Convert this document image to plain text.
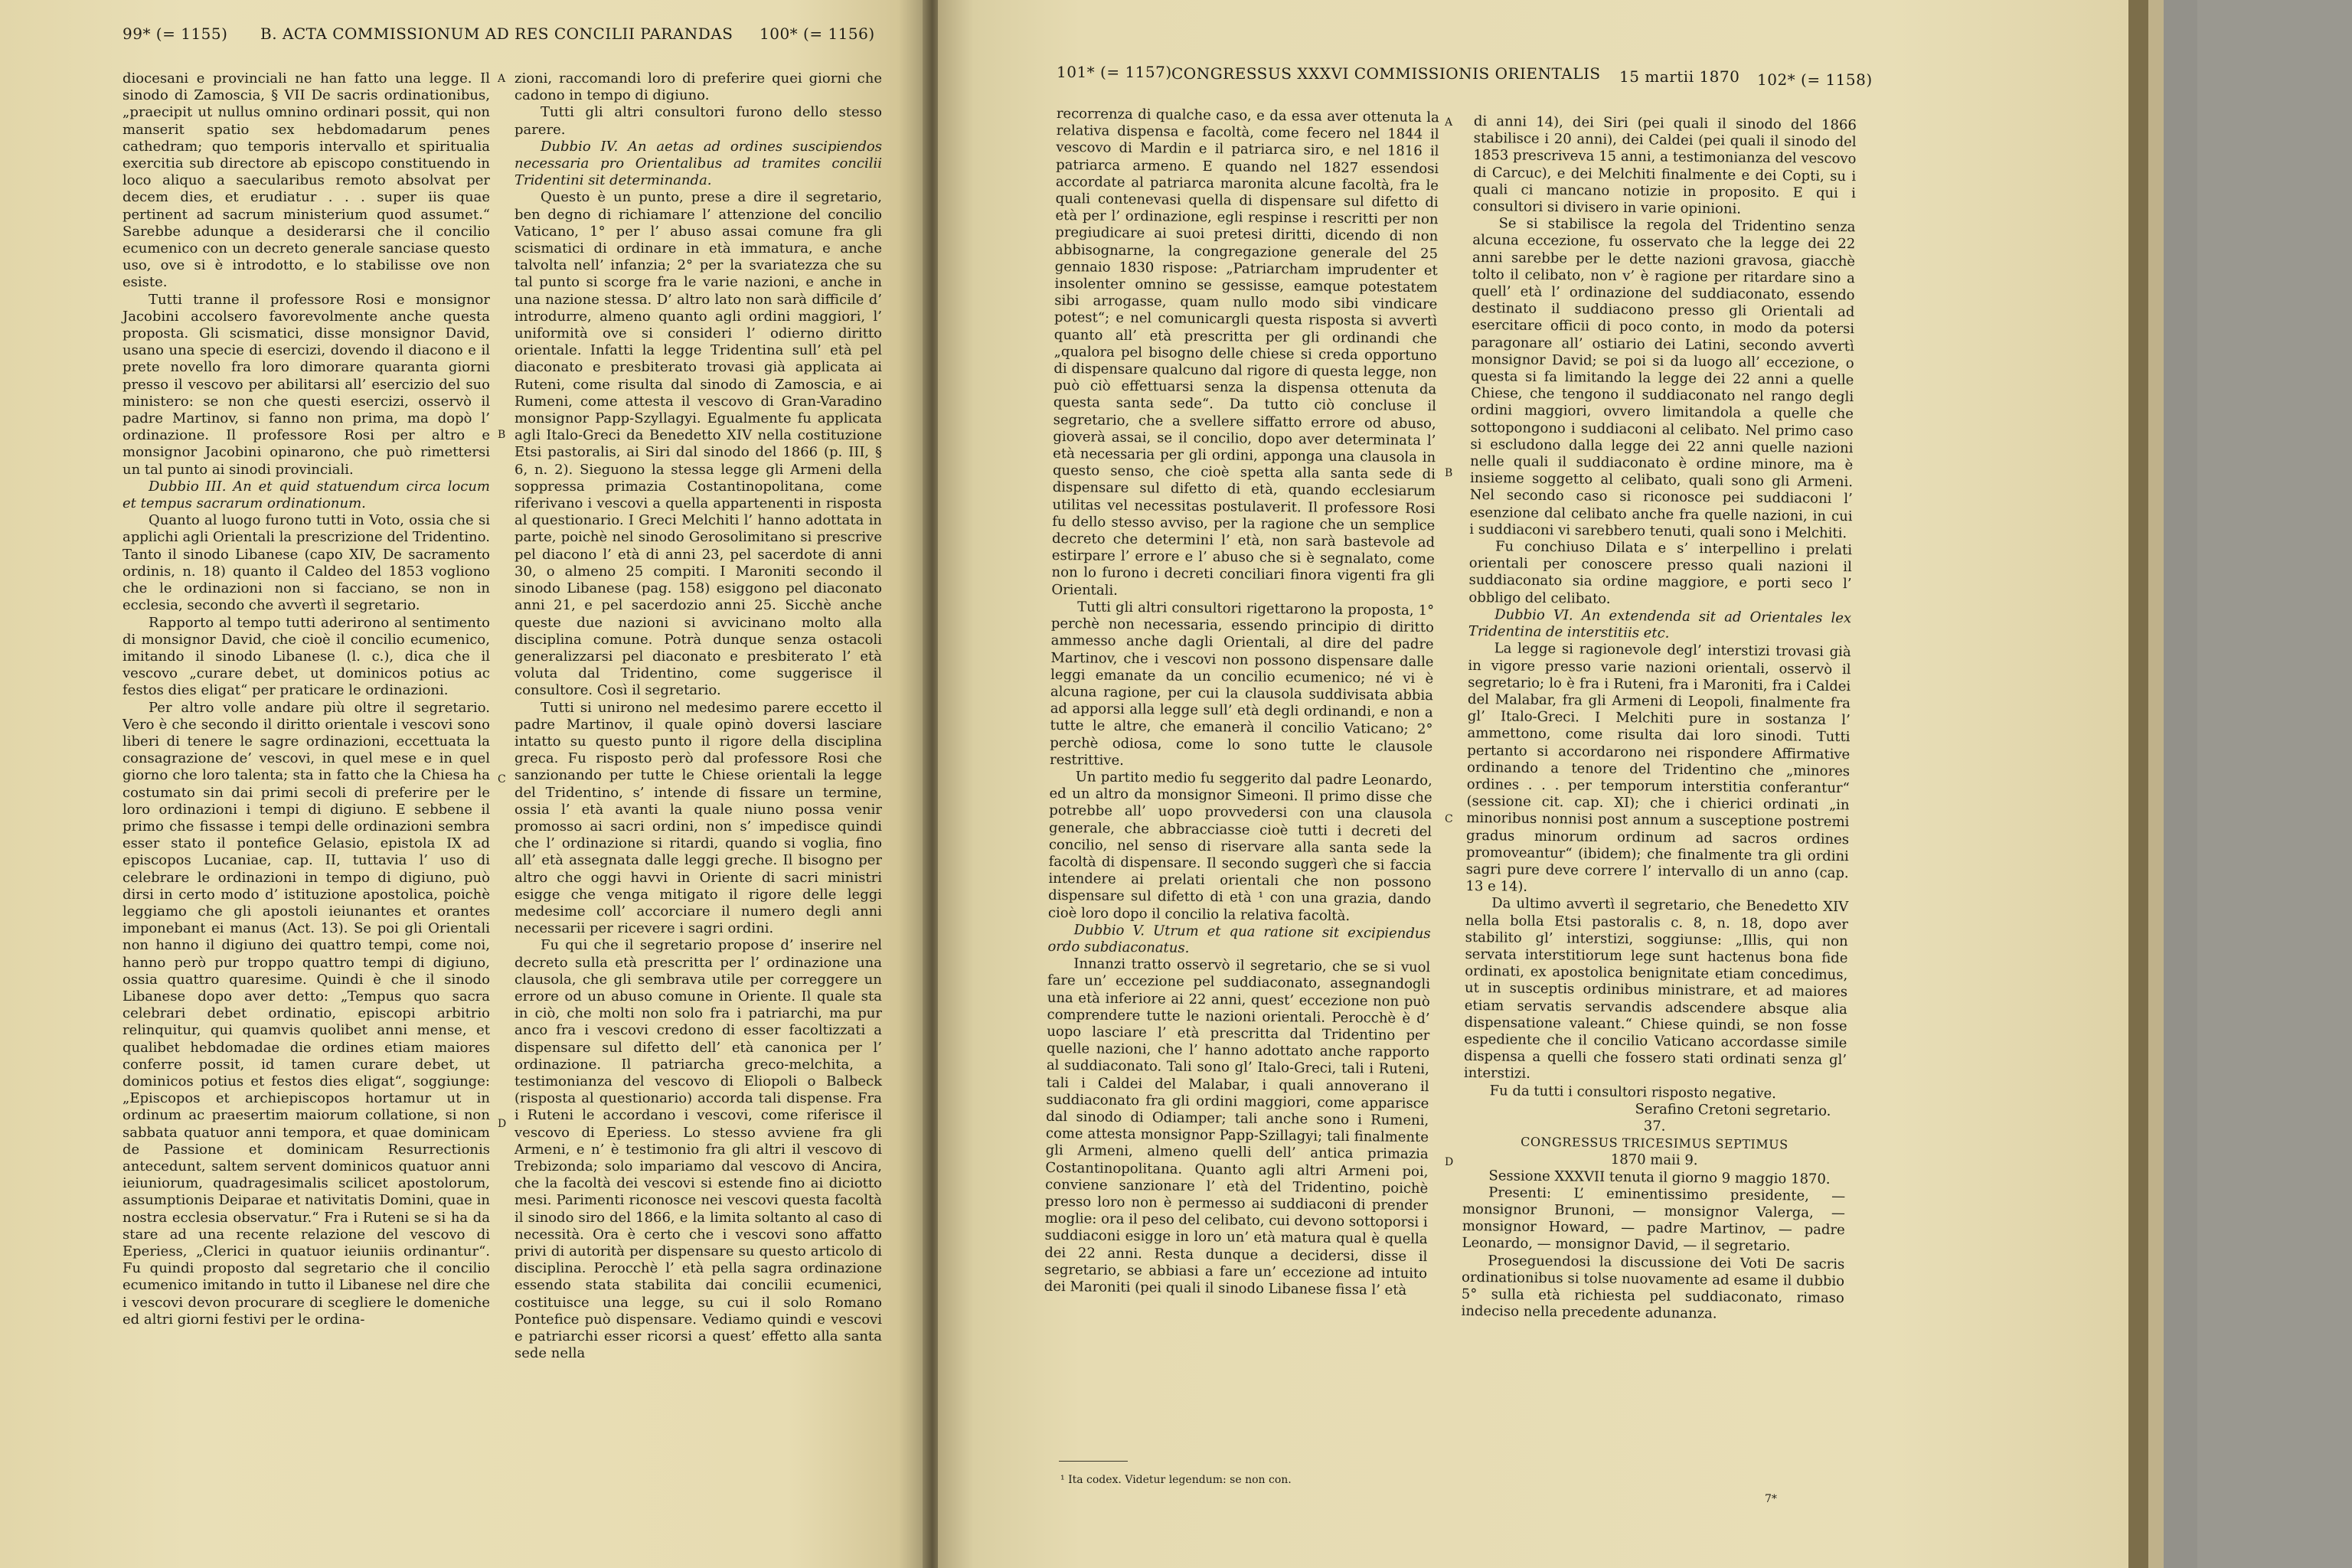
99* (= 1155) B. ACTA COMMISSIONUM AD RES CONCILII PARANDAS 100* (= 1156)

diocesani e provinciali ne han fatto una legge. Il sinodo di Zamoscia, § VII De sacris ordinationibus, „praecipit ut nullus omnino ordinari possit, qui non manserit spatio sex hebdomadarum penes cathedram; quo temporis intervallo et spiritualia exercitia sub directore ab episcopo constituendo in loco aliquo a saecularibus remoto absolvat per decem dies, et erudiatur . . . super iis quae pertinent ad sacrum ministerium quod assumet.“ Sarebbe adunque a desiderarsi che il concilio ecumenico con un decreto generale sanciase questo uso, ove si è introdotto, e lo stabilisse ove non esiste.

Tutti tranne il professore Rosi e monsignor Jacobini accolsero favorevolmente anche questa proposta. Gli scismatici, disse monsignor David, usano una specie di esercizi, dovendo il diacono e il prete novello fra loro dimorare quaranta giorni presso il vescovo per abilitarsi all’ esercizio del suo ministero: se non che questi esercizi, osservò il padre Martinov, si fanno non prima, ma dopò l’ ordinazione. Il professore Rosi per altro e monsignor Jacobini opinarono, che può rimettersi un tal punto ai sinodi provinciali.

Dubbio III. An et quid statuendum circa locum et tempus sacrarum ordinationum.

Quanto al luogo furono tutti in Voto, ossia che si applichi agli Orientali la prescrizione del Tridentino. Tanto il sinodo Libanese (capo XIV, De sacramento ordinis, n. 18) quanto il Caldeo del 1853 vogliono che le ordinazioni non si facciano, se non in ecclesia, secondo che avvertì il segretario.

Rapporto al tempo tutti aderirono al sentimento di monsignor David, che cioè il concilio ecumenico, imitando il sinodo Libanese (l. c.), dica che il vescovo „curare debet, ut dominicos potius ac festos dies eligat“ per praticare le ordinazioni.

Per altro volle andare più oltre il segretario. Vero è che secondo il diritto orientale i vescovi sono liberi di tenere le sagre ordinazioni, eccettuata la consagrazione de’ vescovi, in quel mese e in quel giorno che loro talenta; sta in fatto che la Chiesa ha costumato sin dai primi secoli di preferire per le loro ordinazioni i tempi di digiuno. E sebbene il primo che fissasse i tempi delle ordinazioni sembra esser stato il pontefice Gelasio, epistola IX ad episcopos Lucaniae, cap. II, tuttavia l’ uso di celebrare le ordinazioni in tempo di digiuno, può dirsi in certo modo d’ istituzione apostolica, poichè leggiamo che gli apostoli ieiunantes et orantes imponebant ei manus (Act. 13). Se poi gli Orientali non hanno il digiuno dei quattro tempi, come noi, hanno però pur troppo quattro tempi di digiuno, ossia quattro quaresime. Quindi è che il sinodo Libanese dopo aver detto: „Tempus quo sacra celebrari debet ordinatio, episcopi arbitrio relinquitur, qui quamvis quolibet anni mense, et qualibet hebdomadae die ordines etiam maiores conferre possit, id tamen curare debet, ut dominicos potius et festos dies eligat“, soggiunge: „Episcopos et archiepiscopos hortamur ut in ordinum ac praesertim maiorum collatione, si non sabbata quatuor anni tempora, et quae dominicam de Passione et dominicam Resurrectionis antecedunt, saltem servent dominicos quatuor anni ieiuniorum, quadragesimalis scilicet apostolorum, assumptionis Deiparae et nativitatis Domini, quae in nostra ecclesia observatur.“ Fra i Ruteni se si ha da stare ad una recente relazione del vescovo di Eperiess, „Clerici in quatuor ieiuniis ordinantur“. Fu quindi proposto dal segretario che il concilio ecumenico imitando in tutto il Libanese nel dire che i vescovi devon procurare di scegliere le domeniche ed altri giorni festivi per le ordina-

zioni, raccomandi loro di preferire quei giorni che cadono in tempo di digiuno.

Tutti gli altri consultori furono dello stesso parere.

Dubbio IV. An aetas ad ordines suscipiendos necessaria pro Orientalibus ad tramites concilii Tridentini sit determinanda.

Questo è un punto, prese a dire il segretario, ben degno di richiamare l’ attenzione del concilio Vaticano, 1° per l’ abuso assai comune fra gli scismatici di ordinare in età immatura, e anche talvolta nell’ infanzia; 2° per la svariatezza che su tal punto si scorge fra le varie nazioni, e anche in una nazione stessa. D’ altro lato non sarà difficile d’ introdurre, almeno quanto agli ordini maggiori, l’ uniformità ove si consideri l’ odierno diritto orientale. Infatti la legge Tridentina sull’ età pel diaconato e presbiterato trovasi già applicata ai Ruteni, come risulta dal sinodo di Zamoscia, e ai Rumeni, come attesta il vescovo di Gran-Varadino monsignor Papp-Szyllagyi. Egualmente fu applicata agli Italo-Greci da Benedetto XIV nella costituzione Etsi pastoralis, ai Siri dal sinodo del 1866 (p. III, § 6, n. 2). Sieguono la stessa legge gli Armeni della soppressa primazia Costantinopolitana, come riferivano i vescovi a quella appartenenti in risposta al questionario. I Greci Melchiti l’ hanno adottata in parte, poichè nel sinodo Gerosolimitano si prescrive pel diacono l’ età di anni 23, pel sacerdote di anni 30, o almeno 25 compiti. I Maroniti secondo il sinodo Libanese (pag. 158) esiggono pel diaconato anni 21, e pel sacerdozio anni 25. Sicchè anche queste due nazioni si avvicinano molto alla disciplina comune. Potrà dunque senza ostacoli generalizzarsi pel diaconato e presbiterato l’ età voluta dal Tridentino, come suggerisce il consultore. Così il segretario.

Tutti si unirono nel medesimo parere eccetto il padre Martinov, il quale opinò doversi lasciare intatto su questo punto il rigore della disciplina greca. Fu risposto però dal professore Rosi che sanzionando per tutte le Chiese orientali la legge del Tridentino, s’ intende di fissare un termine, ossia l’ età avanti la quale niuno possa venir promosso ai sacri ordini, non s’ impedisce quindi che l’ ordinazione si ritardi, quando si voglia, fino all’ età assegnata dalle leggi greche. Il bisogno per altro che oggi havvi in Oriente di sacri ministri esigge che venga mitigato il rigore delle leggi medesime coll’ accorciare il numero degli anni necessarii per ricevere i sagri ordini.

Fu qui che il segretario propose d’ inserire nel decreto sulla età prescritta per l’ ordinazione una clausola, che gli sembrava utile per correggere un errore od un abuso comune in Oriente. Il quale sta in ciò, che molti non solo fra i patriarchi, ma pur anco fra i vescovi credono di esser facoltizzati a dispensare sul difetto dell’ età canonica per l’ ordinazione. Il patriarcha greco-melchita, a testimonianza del vescovo di Eliopoli o Balbeck (risposta al questionario) accorda tali dispense. Fra i Ruteni le accordano i vescovi, come riferisce il vescovo di Eperiess. Lo stesso avviene fra gli Armeni, e n’ è testimonio fra gli altri il vescovo di Trebizonda; solo impariamo dal vescovo di Ancira, che la facoltà dei vescovi si estende fino ai diciotto mesi. Parimenti riconosce nei vescovi questa facoltà il sinodo siro del 1866, e la limita soltanto al caso di necessità. Ora è certo che i vescovi sono affatto privi di autorità per dispensare su questo articolo di disciplina. Perocchè l’ età pella sagra ordinazione essendo stata stabilita dai concilii ecumenici, costituisce una legge, su cui il solo Romano Pontefice può dispensare. Vediamo quindi e vescovi e patriarchi esser ricorsi a quest’ effetto alla santa sede nella

A
B
C
D
101* (= 1157) CONGRESSUS XXXVI COMMISSIONIS ORIENTALIS 15 martii 1870 102* (= 1158)

recorrenza di qualche caso, e da essa aver ottenuta la relativa dispensa e facoltà, come fecero nel 1844 il vescovo di Mardin e il patriarca siro, e nel 1816 il patriarca armeno. E quando nel 1827 essendosi accordate al patriarca maronita alcune facoltà, fra le quali contenevasi quella di dispensare sul difetto di età per l’ ordinazione, egli respinse i rescritti per non pregiudicare ai suoi pretesi diritti, dicendo di non abbisognarne, la congregazione generale del 25 gennaio 1830 rispose: „Patriarcham imprudenter et insolenter omnino se gessisse, eamque potestatem sibi arrogasse, quam nullo modo sibi vindicare potest“; e nel comunicargli questa risposta si avvertì quanto all’ età prescritta per gli ordinandi che „qualora pel bisogno delle chiese si creda opportuno di dispensare qualcuno dal rigore di questa legge, non può ciò effettuarsi senza la dispensa ottenuta da questa santa sede“. Da tutto ciò concluse il segretario, che a svellere siffatto errore od abuso, gioverà assai, se il concilio, dopo aver determinata l’ età necessaria per gli ordini, apponga una clausola in questo senso, che cioè spetta alla santa sede di dispensare sul difetto di età, quando ecclesiarum utilitas vel necessitas postulaverit. Il professore Rosi fu dello stesso avviso, per la ragione che un semplice decreto che determini l’ età, non sarà bastevole ad estirpare l’ errore e l’ abuso che si è segnalato, come non lo furono i decreti conciliari finora vigenti fra gli Orientali.

Tutti gli altri consultori rigettarono la proposta, 1° perchè non necessaria, essendo principio di diritto ammesso anche dagli Orientali, al dire del padre Martinov, che i vescovi non possono dispensare dalle leggi emanate da un concilio ecumenico; né vi è alcuna ragione, per cui la clausola suddivisata abbia ad apporsi alla legge sull’ età degli ordinandi, e non a tutte le altre, che emanerà il concilio Vaticano; 2° perchè odiosa, come lo sono tutte le clausole restrittive.

Un partito medio fu seggerito dal padre Leonardo, ed un altro da monsignor Simeoni. Il primo disse che potrebbe all’ uopo provvedersi con una clausola generale, che abbracciasse cioè tutti i decreti del concilio, nel senso di riservare alla santa sede la facoltà di dispensare. Il secondo suggerì che si faccia intendere ai prelati orientali che non possono dispensare sul difetto di età ¹ con una grazia, dando cioè loro dopo il concilio la relativa facoltà.

Dubbio V. Utrum et qua ratione sit excipiendus ordo subdiaconatus.

Innanzi tratto osservò il segretario, che se si vuol fare un’ eccezione pel suddiaconato, assegnandogli una età inferiore ai 22 anni, quest’ eccezione non può comprendere tutte le nazioni orientali. Perocchè è d’ uopo lasciare l’ età prescritta dal Tridentino per quelle nazioni, che l’ hanno adottato anche rapporto al suddiaconato. Tali sono gl’ Italo-Greci, tali i Ruteni, tali i Caldei del Malabar, i quali annoverano il suddiaconato fra gli ordini maggiori, come apparisce dal sinodo di Odiamper; tali anche sono i Rumeni, come attesta monsignor Papp-Szillagyi; tali finalmente gli Armeni, almeno quelli dell’ antica primazia Costantinopolitana. Quanto agli altri Armeni poi, conviene sanzionare l’ età del Tridentino, poichè presso loro non è permesso ai suddiaconi di prender moglie: ora il peso del celibato, cui devono sottoporsi i suddiaconi esigge in loro un’ età matura qual è quella dei 22 anni. Resta dunque a decidersi, disse il segretario, se abbiasi a fare un’ eccezione ad intuito dei Maroniti (pei quali il sinodo Libanese fissa l’ età

di anni 14), dei Siri (pei quali il sinodo del 1866 stabilisce i 20 anni), dei Caldei (pei quali il sinodo del 1853 prescriveva 15 anni, a testimonianza del vescovo di Carcuc), e dei Melchiti finalmente e dei Copti, su i quali ci mancano notizie in proposito. E qui i consultori si divisero in varie opinioni.

Se si stabilisce la regola del Tridentino senza alcuna eccezione, fu osservato che la legge dei 22 anni sarebbe per le dette nazioni gravosa, giacchè tolto il celibato, non v’ è ragione per ritardare sino a quell’ età l’ ordinazione del suddiaconato, essendo destinato il suddiacono presso gli Orientali ad esercitare officii di poco conto, in modo da potersi paragonare all’ ostiario dei Latini, secondo avvertì monsignor David; se poi si da luogo all’ eccezione, o questa si fa limitando la legge dei 22 anni a quelle Chiese, che tengono il suddiaconato nel rango degli ordini maggiori, ovvero limitandola a quelle che sottopongono i suddiaconi al celibato. Nel primo caso si escludono dalla legge dei 22 anni quelle nazioni nelle quali il suddiaconato è ordine minore, ma è insieme soggetto al celibato, quali sono gli Armeni. Nel secondo caso si riconosce pei suddiaconi l’ esenzione dal celibato anche fra quelle nazioni, in cui i suddiaconi vi sarebbero tenuti, quali sono i Melchiti.

Fu conchiuso Dilata e s’ interpellino i prelati orientali per conoscere presso quali nazioni il suddiaconato sia ordine maggiore, e porti seco l’ obbligo del celibato.

Dubbio VI. An extendenda sit ad Orientales lex Tridentina de interstitiis etc.

La legge si ragionevole degl’ interstizi trovasi già in vigore presso varie nazioni orientali, osservò il segretario; lo è fra i Ruteni, fra i Maroniti, fra i Caldei del Malabar, fra gli Armeni di Leopoli, finalmente fra gl’ Italo-Greci. I Melchiti pure in sostanza l’ ammettono, come risulta dai loro sinodi. Tutti pertanto si accordarono nei rispondere Affirmative ordinando a tenore del Tridentino che „minores ordines . . . per temporum interstitia conferantur“ (sessione cit. cap. XI); che i chierici ordinati „in minoribus nonnisi post annum a susceptione postremi gradus minorum ordinum ad sacros ordines promoveantur“ (ibidem); che finalmente tra gli ordini sagri pure deve correre l’ intervallo di un anno (cap. 13 e 14).

Da ultimo avvertì il segretario, che Benedetto XIV nella bolla Etsi pastoralis c. 8, n. 18, dopo aver stabilito gl’ interstizi, soggiunse: „Illis, qui non servata interstitiorum lege sunt hactenus bona fide ordinati, ex apostolica benignitate etiam concedimus, ut in susceptis ordinibus ministrare, et ad maiores etiam servatis servandis adscendere absque alia dispensatione valeant.“ Chiese quindi, se non fosse espediente che il concilio Vaticano accordasse simile dispensa a quelli che fossero stati ordinati senza gl’ interstizi.

Fu da tutti i consultori risposto negative.

Serafino Cretoni segretario.

37.

CONGRESSUS TRICESIMUS SEPTIMUS

1870 maii 9.

Sessione XXXVII tenuta il giorno 9 maggio 1870.

Presenti: L’ eminentissimo presidente, — monsignor Brunoni, — monsignor Valerga, — monsignor Howard, — padre Martinov, — padre Leonardo, — monsignor David, — il segretario.

Proseguendosi la discussione dei Voti De sacris ordinationibus si tolse nuovamente ad esame il dubbio 5° sulla età richiesta pel suddiaconato, rimaso indeciso nella precedente adunanza.

A
B
C
D
¹ Ita codex. Videtur legendum: se non con.
7*
